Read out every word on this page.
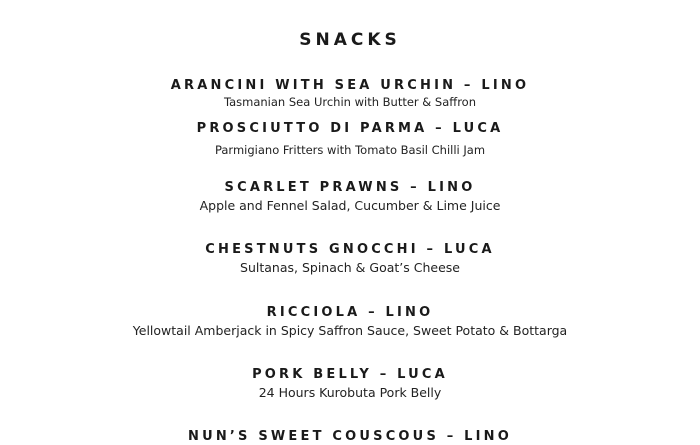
SNACKS
ARANCINI WITH SEA URCHIN – LINO
Tasmanian Sea Urchin with Butter & Saffron
PROSCIUTTO DI PARMA – LUCA
Parmigiano Fritters with Tomato Basil Chilli Jam
SCARLET PRAWNS – LINO
Apple and Fennel Salad, Cucumber & Lime Juice
CHESTNUTS GNOCCHI – LUCA
Sultanas, Spinach & Goat’s Cheese
RICCIOLA – LINO
Yellowtail Amberjack in Spicy Saffron Sauce, Sweet Potato & Bottarga
PORK BELLY – LUCA
24 Hours Kurobuta Pork Belly
NUN’S SWEET COUSCOUS – LINO
